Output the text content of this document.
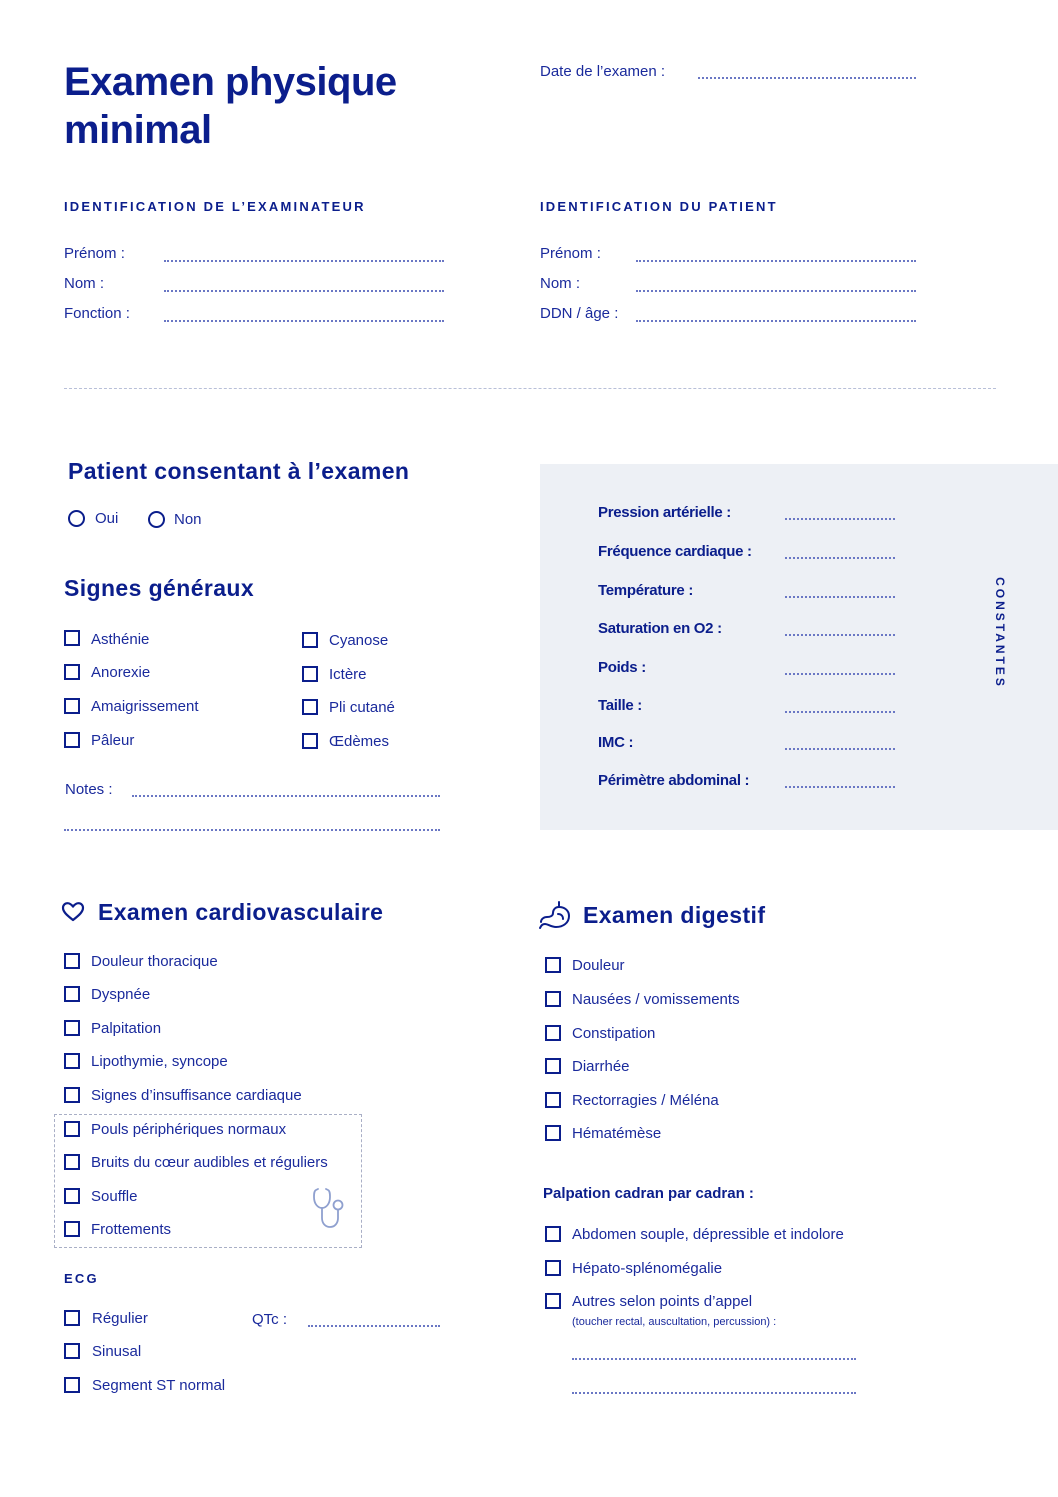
Examen physique
minimal
Date de l’examen :
IDENTIFICATION DE L’EXAMINATEUR
Prénom :
Nom :
Fonction :
IDENTIFICATION DU PATIENT
Prénom :
Nom :
DDN / âge :
Patient consentant à l’examen
Oui	Non
Signes généraux
Asthénie
Anorexie
Amaigrissement
Pâleur
Cyanose
Ictère
Pli cutané
Œdèmes
Notes :
Pression artérielle :
Fréquence cardiaque :
Température :
Saturation en O2 :
Poids :
Taille :
IMC :
Périmètre abdominal :
CONSTANTES
Examen cardiovasculaire
Douleur thoracique
Dyspnée
Palpitation
Lipothymie, syncope
Signes d’insuffisance cardiaque
Pouls périphériques normaux
Bruits du cœur audibles et réguliers
Souffle
Frottements
ECG
Régulier
Sinusal
Segment ST normal
QTc :
Examen digestif
Douleur
Nausées / vomissements
Constipation
Diarrhée
Rectorragies / Méléna
Hématémèse
Palpation cadran par cadran :
Abdomen souple, dépressible et indolore
Hépato-splénomégalie
Autres selon points d’appel
(toucher rectal, auscultation, percussion) :
